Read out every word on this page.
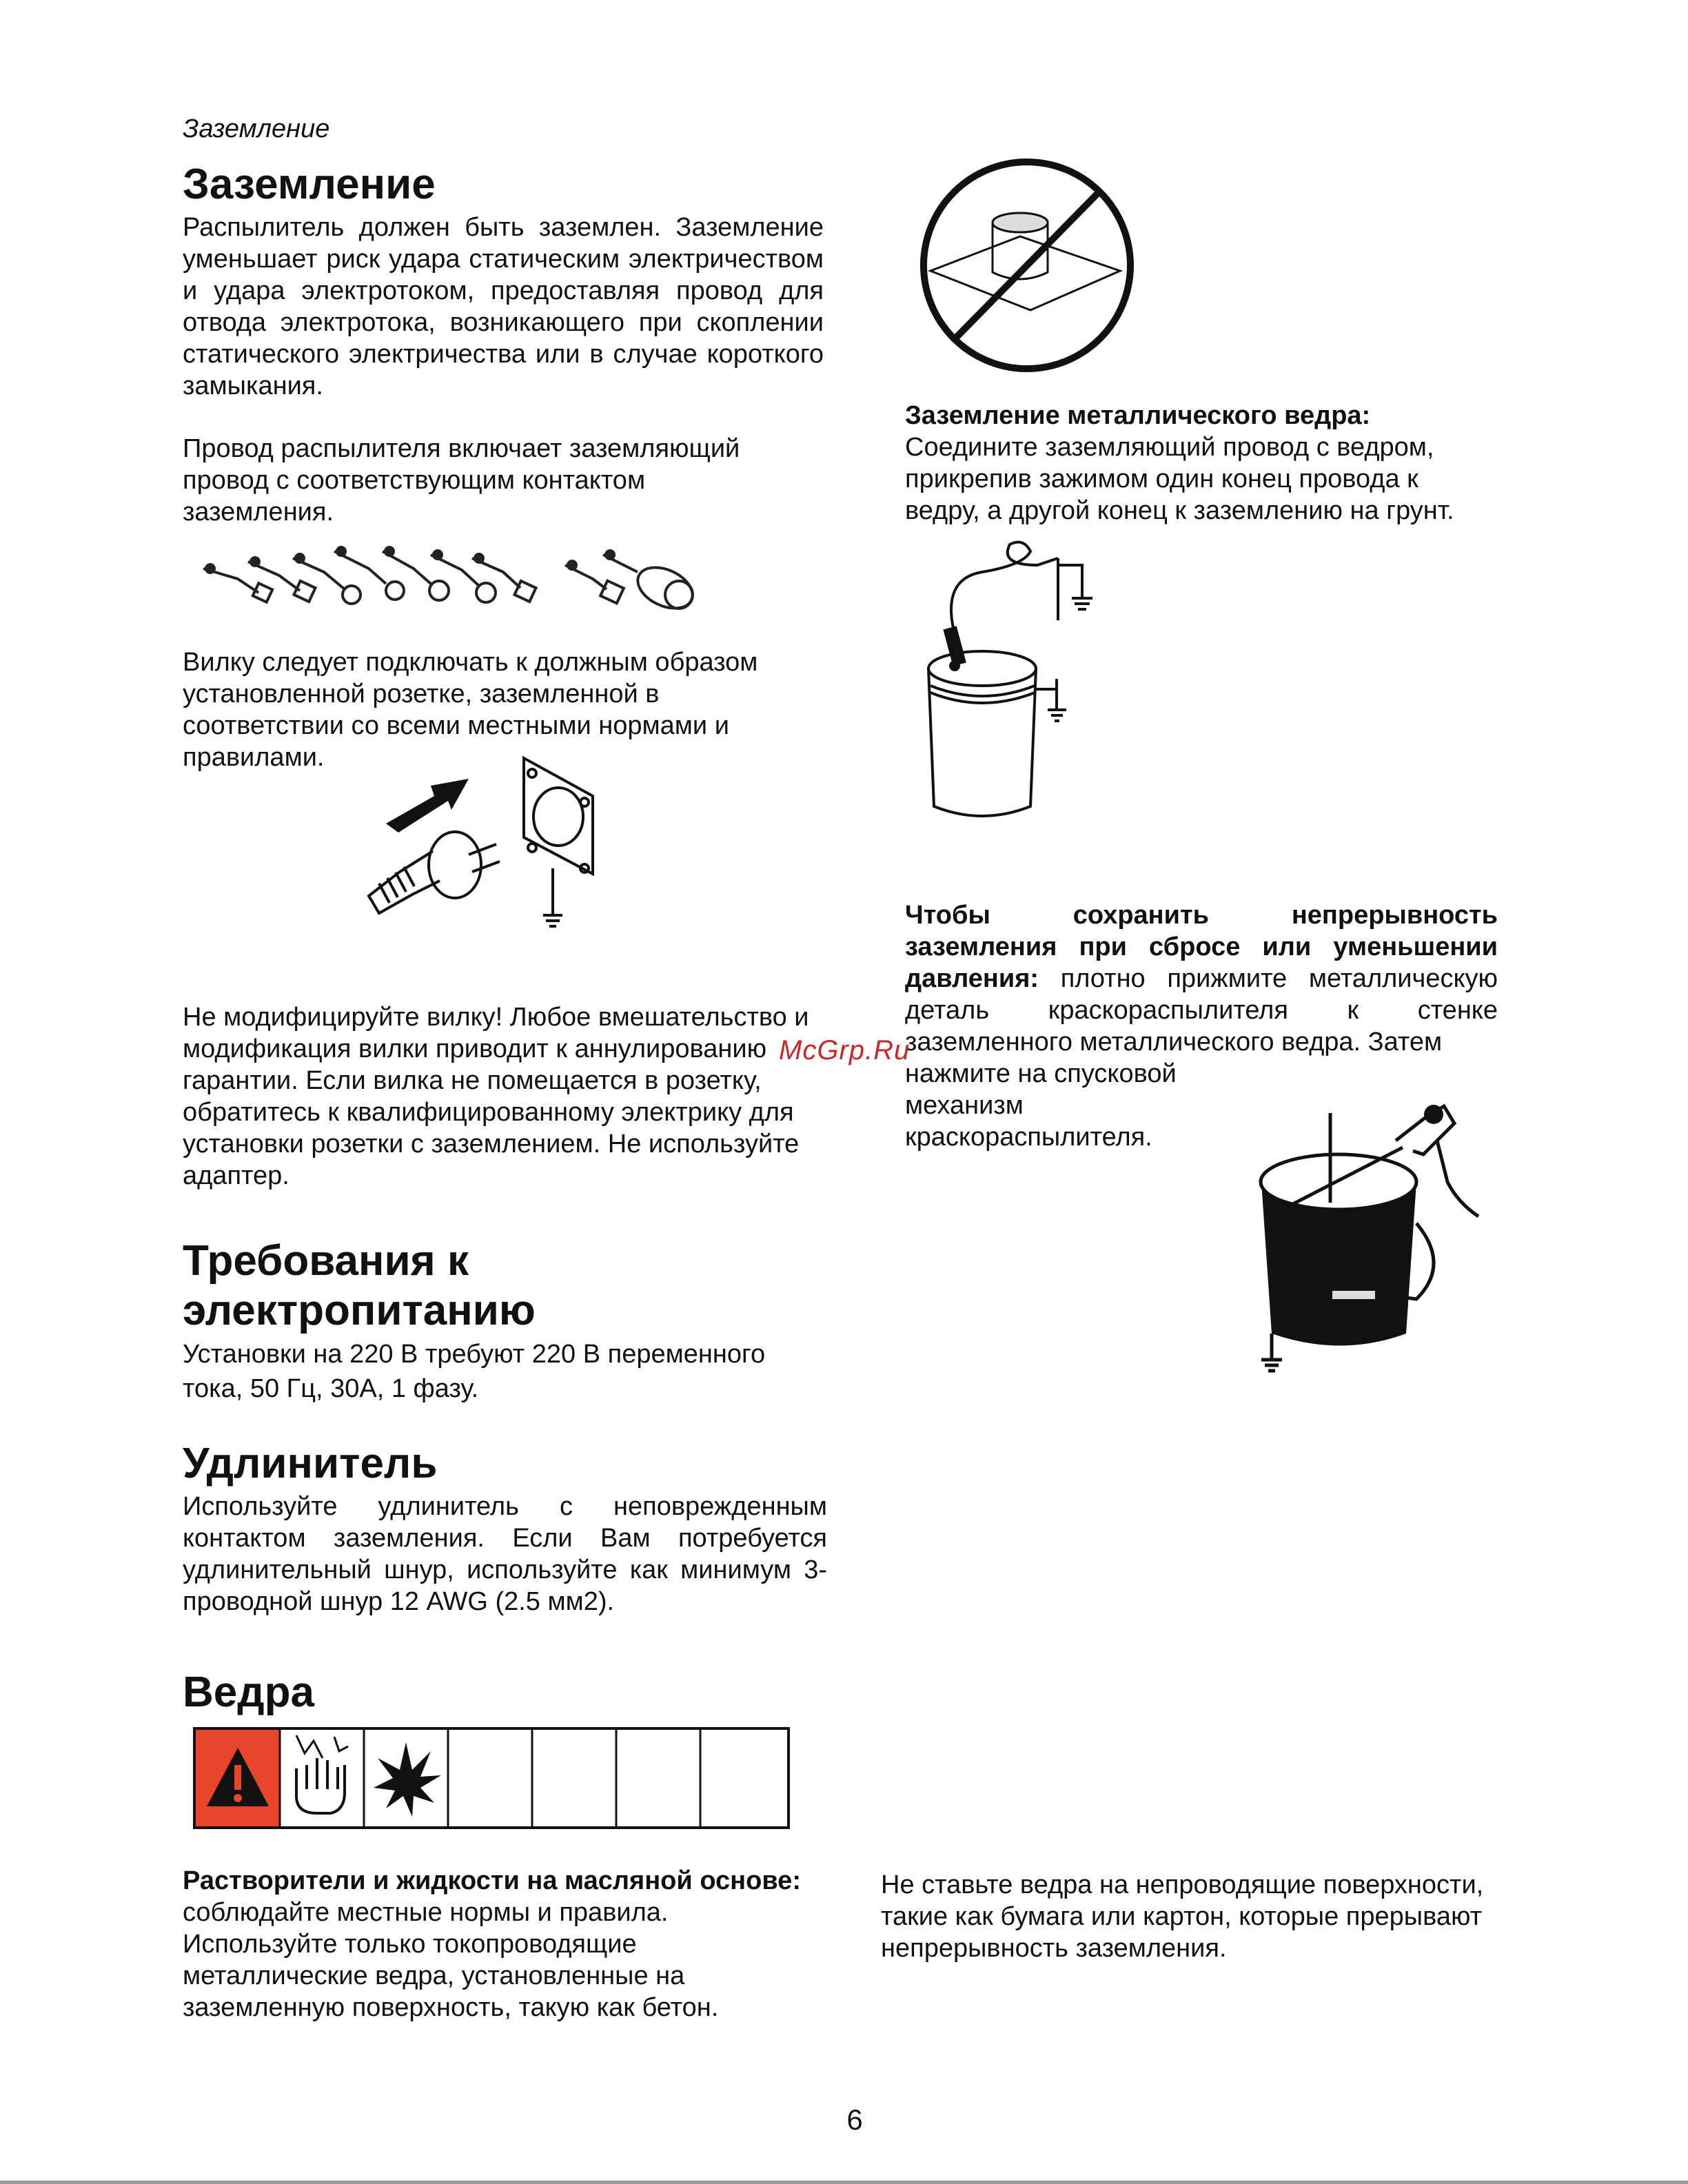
Заземление
Заземление

Распылитель должен быть заземлен. Заземление уменьшает риск удара статическим электричеством и удара электротоком, предоставляя провод для отвода электротока, возникающего при скоплении статического электричества или в случае короткого замыкания.

Провод распылителя включает заземляющий провод с соответствующим контактом заземления.

Вилку следует подключать к должным образом установленной розетке, заземленной в соответствии со всеми местными нормами и правилами.

Не модифицируйте вилку! Любое вмешательство и модификация вилки приводит к аннулированию гарантии. Если вилка не помещается в розетку, обратитесь к квалифицированному электрику для установки розетки с заземлением. Не используйте адаптер.

Требования к
электропитанию

Установки на 220 В требуют 220 В переменного тока, 50 Гц, 30А, 1 фазу.

Удлинитель

Используйте удлинитель с неповрежденным контактом заземления. Если Вам потребуется удлинительный шнур, используйте как минимум 3-проводной шнур 12 AWG (2.5 мм2).

Ведра

Растворители и жидкости на масляной основе: соблюдайте местные нормы и правила. Используйте только токопроводящие металлические ведра, установленные на заземленную поверхность, такую как бетон.

Заземление металлического ведра:
Соедините заземляющий провод с ведром, прикрепив зажимом один конец провода к ведру, а другой конец к заземлению на грунт.

Чтобы сохранить непрерывность заземления при сбросе или уменьшении давления: плотно прижмите металлическую деталь краскораспылителя к стенке заземленного металлического ведра. Затем

нажмите на спусковой

механизм

краскораспылителя.

Не ставьте ведра на непроводящие поверхности, такие как бумага или картон, которые прерывают непрерывность заземления.

McGrp.Ru
6
